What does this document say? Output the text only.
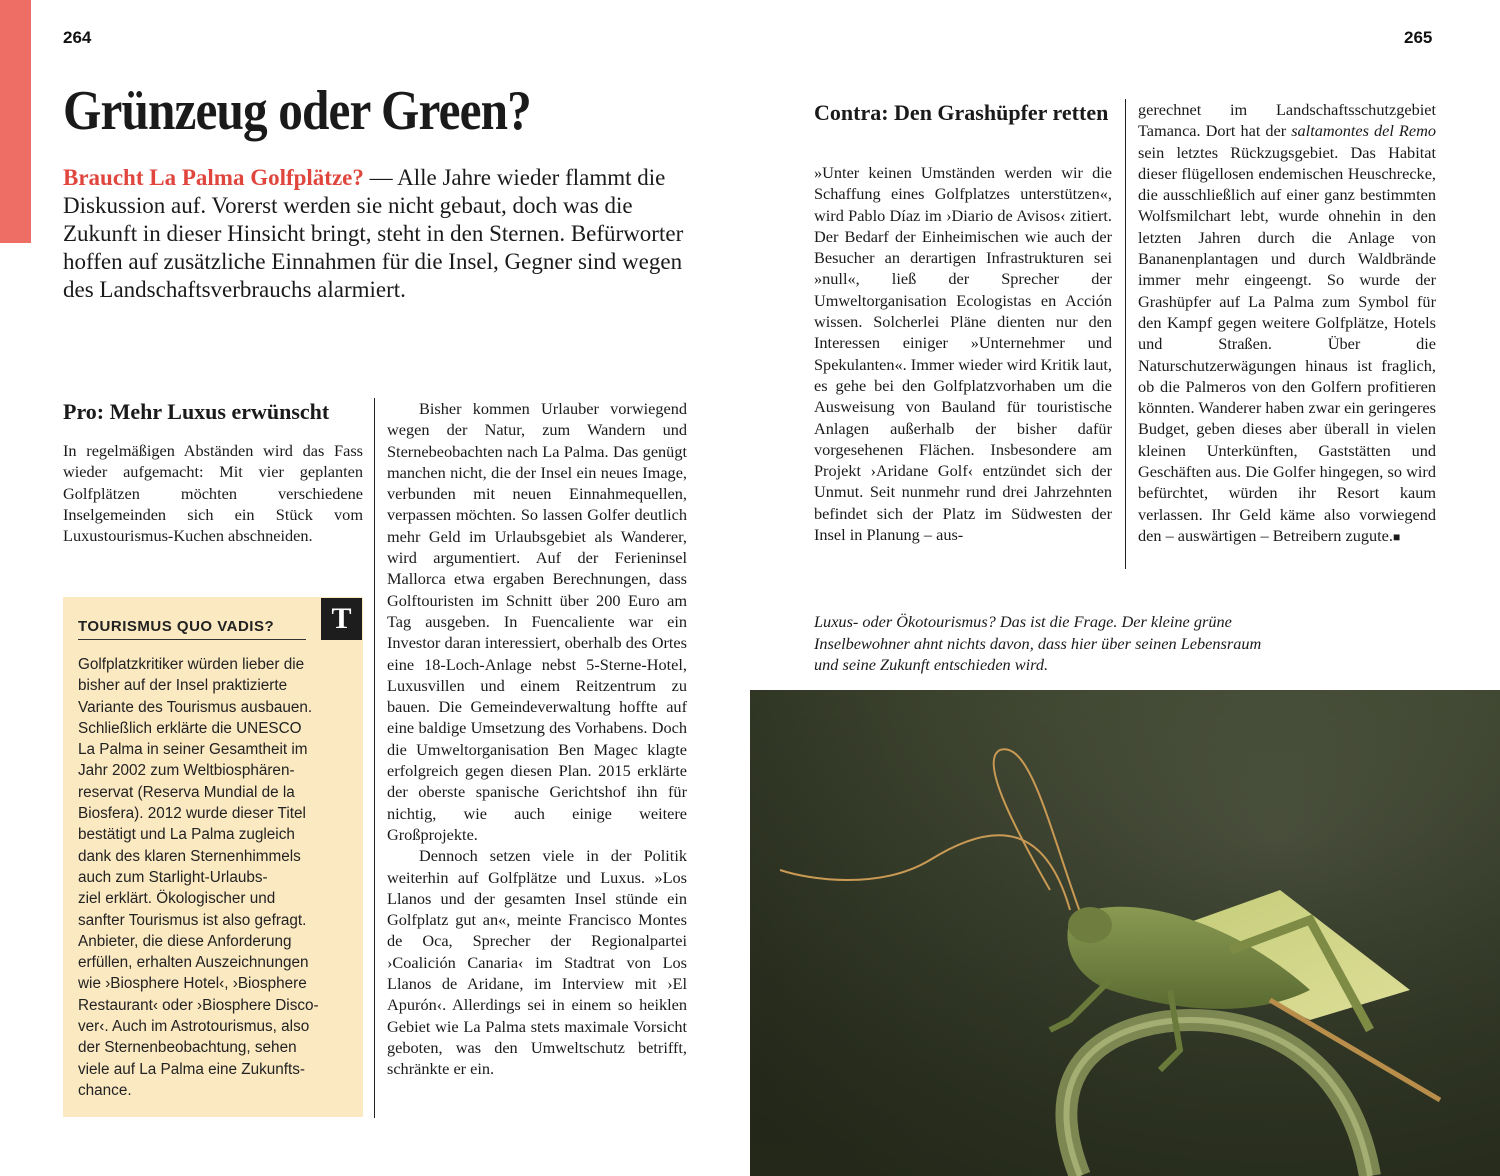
264	265
Grünzeug oder Green?
Braucht La Palma Golfplätze? — Alle Jahre wieder flammt die Diskussion auf. Vorerst werden sie nicht gebaut, doch was die Zukunft in dieser Hinsicht bringt, steht in den Sternen. Befürworter hoffen auf zusätzliche Einnahmen für die Insel, Gegner sind wegen des Landschaftsverbrauchs alarmiert.
Pro: Mehr Luxus erwünscht

In regelmäßigen Abständen wird das Fass wieder aufgemacht: Mit vier geplanten Golfplätzen möchten verschiedene Inselgemeinden sich ein Stück vom Luxustourismus-Kuchen abschneiden.

TOURISMUS QUO VADIS?	T
Golfplatzkritiker würden lieber die
bisher auf der Insel praktizierte
Variante des Tourismus ausbauen.
Schließlich erklärte die UNESCO
La Palma in seiner Gesamtheit im
Jahr 2002 zum Weltbiosphären-
reservat (Reserva Mundial de la
Biosfera). 2012 wurde dieser Titel
bestätigt und La Palma zugleich
dank des klaren Sternenhimmels
auch zum Starlight-Urlaubs-
ziel erklärt. Ökologischer und
sanfter Tourismus ist also gefragt.
Anbieter, die diese Anforderung
erfüllen, erhalten Auszeichnungen
wie ›Biosphere Hotel‹, ›Biosphere
Restaurant‹ oder ›Biosphere Disco-
ver‹. Auch im Astrotourismus, also
der Sternenbeobachtung, sehen
viele auf La Palma eine Zukunfts-
chance.

Bisher kommen Urlauber vorwiegend wegen der Natur, zum Wandern und Sternebeobachten nach La Palma. Das genügt manchen nicht, die der Insel ein neues Image, verbunden mit neuen Einnahmequellen, verpassen möchten. So lassen Golfer deutlich mehr Geld im Urlaubsgebiet als Wanderer, wird argumentiert. Auf der Ferieninsel Mallorca etwa ergaben Berechnungen, dass Golftouristen im Schnitt über 200 Euro am Tag ausgeben. In Fuencaliente war ein Investor daran interessiert, oberhalb des Ortes eine 18-Loch-Anlage nebst 5-Sterne-Hotel, Luxusvillen und einem Reitzentrum zu bauen. Die Gemeindeverwaltung hoffte auf eine baldige Umsetzung des Vorhabens. Doch die Umweltorganisation Ben Magec klagte erfolgreich gegen diesen Plan. 2015 erklärte der oberste spanische Gerichtshof ihn für nichtig, wie auch einige weitere Großprojekte.

Dennoch setzen viele in der Politik weiterhin auf Golfplätze und Luxus. »Los Llanos und der gesamten Insel stünde ein Golfplatz gut an«, meinte Francisco Montes de Oca, Sprecher der Regionalpartei ›Coalición Canaria‹ im Stadtrat von Los Llanos de Aridane, im Interview mit ›El Apurón‹. Allerdings sei in einem so heiklen Gebiet wie La Palma stets maximale Vorsicht geboten, was den Umweltschutz betrifft, schränkte er ein.

Contra: Den Grashüpfer retten

»Unter keinen Umständen werden wir die Schaffung eines Golfplatzes unterstützen«, wird Pablo Díaz im ›Diario de Avisos‹ zitiert. Der Bedarf der Einheimischen wie auch der Besucher an derartigen Infrastrukturen sei »null«, ließ der Sprecher der Umweltorganisation Ecologistas en Acción wissen. Solcherlei Pläne dienten nur den Interessen einiger »Unternehmer und Spekulanten«. Immer wieder wird Kritik laut, es gehe bei den Golfplatzvorhaben um die Ausweisung von Bauland für touristische Anlagen außerhalb der bisher dafür vorgesehenen Flächen. Insbesondere am Projekt ›Aridane Golf‹ entzündet sich der Unmut. Seit nunmehr rund drei Jahrzehnten befindet sich der Platz im Südwesten der Insel in Planung – aus-

gerechnet im Landschaftsschutzgebiet Tamanca. Dort hat der saltamontes del Remo sein letztes Rückzugsgebiet. Das Habitat dieser flügellosen endemischen Heuschrecke, die ausschließlich auf einer ganz bestimmten Wolfsmilchart lebt, wurde ohnehin in den letzten Jahren durch die Anlage von Bananenplantagen und durch Waldbrände immer mehr eingeengt. So wurde der Grashüpfer auf La Palma zum Symbol für den Kampf gegen weitere Golfplätze, Hotels und Straßen. Über die Naturschutzerwägungen hinaus ist fraglich, ob die Palmeros von den Golfern profitieren könnten. Wanderer haben zwar ein geringeres Budget, geben dieses aber überall in vielen kleinen Unterkünften, Gaststätten und Geschäften aus. Die Golfer hingegen, so wird befürchtet, würden ihr Resort kaum verlassen. Ihr Geld käme also vorwiegend den – auswärtigen – Betreibern zugute.■

Luxus- oder Ökotourismus? Das ist die Frage. Der kleine grüne
Inselbewohner ahnt nichts davon, dass hier über seinen Lebensraum
und seine Zukunft entschieden wird.
